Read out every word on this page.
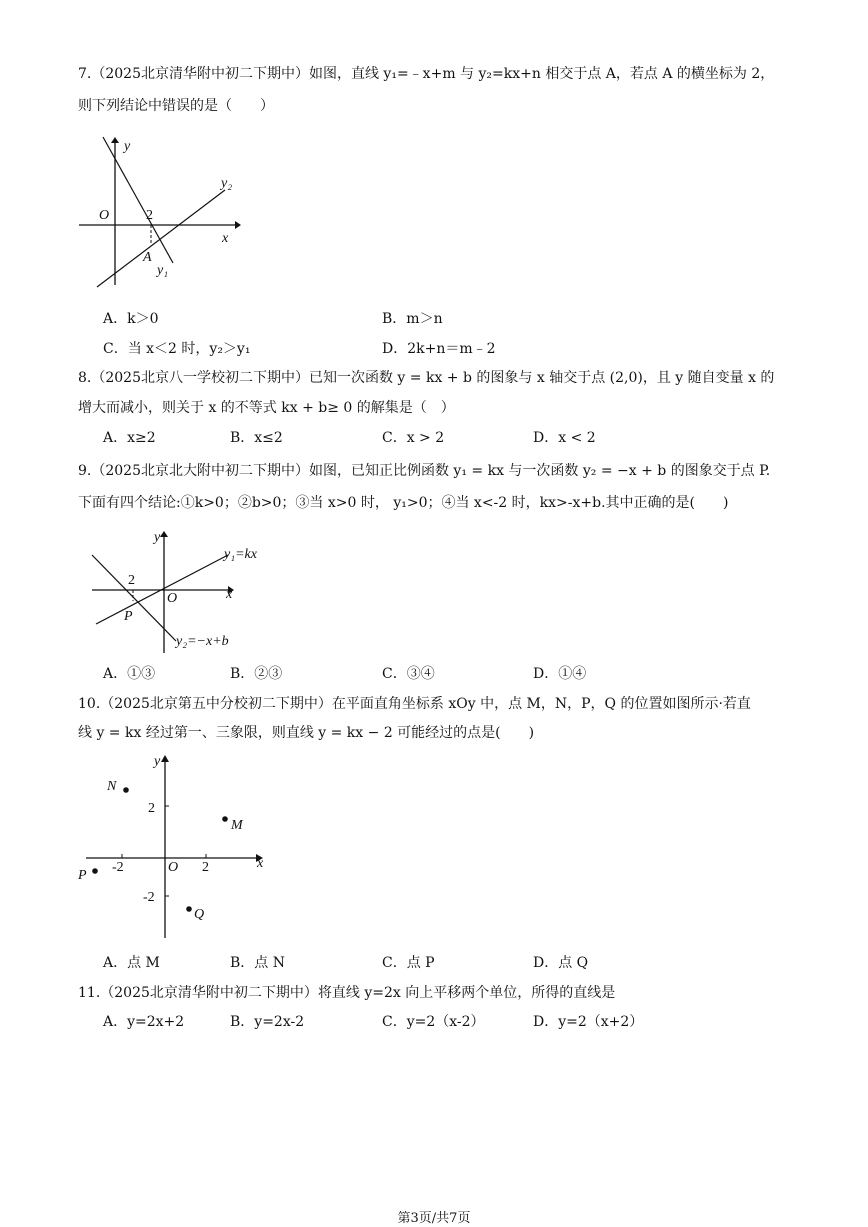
7.（2025北京清华附中初二下期中）如图，直线 y₁=﹣x+m 与 y₂=kx+n 相交于点 A，若点 A 的横坐标为 2，
则下列结论中错误的是（　　）
y
O	2
x
A
y₁
y₂
A．k＞0	B．m＞n
C．当 x＜2 时，y₂＞y₁	D．2k+n＝m﹣2
8.（2025北京八一学校初二下期中）已知一次函数 y = kx + b 的图象与 x 轴交于点 (2,0)，且 y 随自变量 x 的
增大而减小，则关于 x 的不等式 kx + b≥ 0 的解集是（　）
A．x≥2	B．x≤2	C．x > 2	D．x < 2
9.（2025北京北大附中初二下期中）如图，已知正比例函数 y₁ = kx 与一次函数 y₂ = −x + b 的图象交于点 P.
下面有四个结论:①k>0；②b>0；③当 x>0 时， y₁>0；④当 x<-2 时，kx>-x+b.其中正确的是(　　)
y
2
O	x
P
y₁=kx
y₂=−x+b
A．①③	B．②③	C．③④	D．①④
10.（2025北京第五中分校初二下期中）在平面直角坐标系 xOy 中，点 M，N，P，Q 的位置如图所示·若直
线 y = kx 经过第一、三象限，则直线 y = kx − 2 可能经过的点是(　　)
y
2
-2
2
-2	O	x
N
M
P
Q
A．点 M	B．点 N	C．点 P	D．点 Q
11.（2025北京清华附中初二下期中）将直线 y=2x 向上平移两个单位，所得的直线是
A．y=2x+2	B．y=2x-2	C．y=2（x-2）	D．y=2（x+2）
第3页/共7页
